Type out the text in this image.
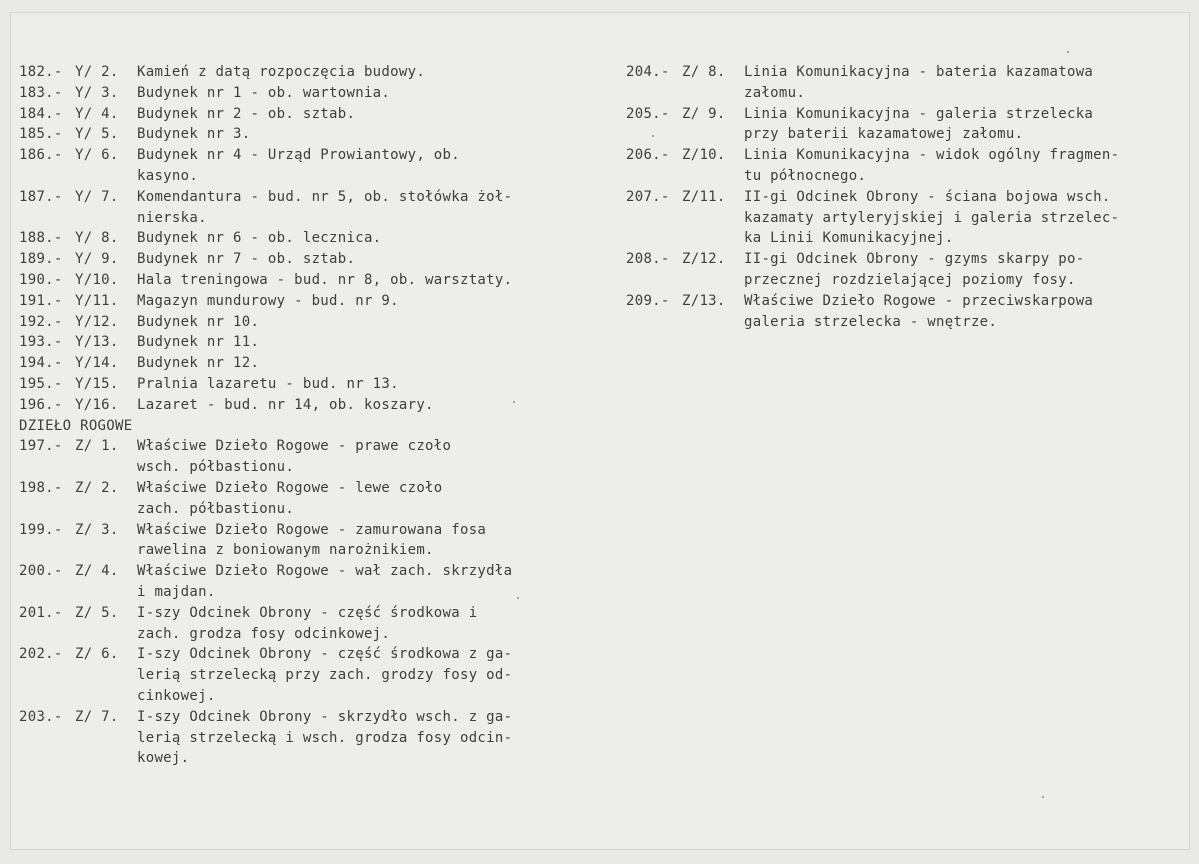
182.- Y/ 2.	Kamień z datą rozpoczęcia budowy.
183.- Y/ 3.	Budynek nr 1 - ob. wartownia.
184.- Y/ 4.	Budynek nr 2 - ob. sztab.
185.- Y/ 5.	Budynek nr 3.
186.- Y/ 6.	Budynek nr 4 - Urząd Prowiantowy, ob.
kasyno.
187.- Y/ 7.	Komendantura - bud. nr 5, ob. stołówka żoł-
nierska.
188.- Y/ 8.	Budynek nr 6 - ob. lecznica.
189.- Y/ 9.	Budynek nr 7 - ob. sztab.
190.- Y/10.	Hala treningowa - bud. nr 8, ob. warsztaty.
191.- Y/11.	Magazyn mundurowy - bud. nr 9.
192.- Y/12.	Budynek nr 10.
193.- Y/13.	Budynek nr 11.
194.- Y/14.	Budynek nr 12.
195.- Y/15.	Pralnia lazaretu - bud. nr 13.
196.- Y/16.	Lazaret - bud. nr 14, ob. koszary.
DZIEŁO ROGOWE
197.- Z/ 1.	Właściwe Dzieło Rogowe - prawe czoło
wsch. półbastionu.
198.- Z/ 2.	Właściwe Dzieło Rogowe - lewe czoło
zach. półbastionu.
199.- Z/ 3.	Właściwe Dzieło Rogowe - zamurowana fosa
rawelina z boniowanym narożnikiem.
200.- Z/ 4.	Właściwe Dzieło Rogowe - wał zach. skrzydła
i majdan.
201.- Z/ 5.	I-szy Odcinek Obrony - część środkowa i
zach. grodza fosy odcinkowej.
202.- Z/ 6.	I-szy Odcinek Obrony - część środkowa z ga-
lerią strzelecką przy zach. grodzy fosy od-
cinkowej.
203.- Z/ 7.	I-szy Odcinek Obrony - skrzydło wsch. z ga-
lerią strzelecką i wsch. grodza fosy odcin-
kowej.
204.- Z/ 8.	Linia Komunikacyjna - bateria kazamatowa
załomu.
205.- Z/ 9.	Linia Komunikacyjna - galeria strzelecka
przy baterii kazamatowej załomu.
206.- Z/10.	Linia Komunikacyjna - widok ogólny fragmen-
tu północnego.
207.- Z/11.	II-gi Odcinek Obrony - ściana bojowa wsch.
kazamaty artyleryjskiej i galeria strzelec-
ka Linii Komunikacyjnej.
208.- Z/12.	II-gi Odcinek Obrony - gzyms skarpy po-
przecznej rozdzielającej poziomy fosy.
209.- Z/13.	Właściwe Dzieło Rogowe - przeciwskarpowa
galeria strzelecka - wnętrze.
